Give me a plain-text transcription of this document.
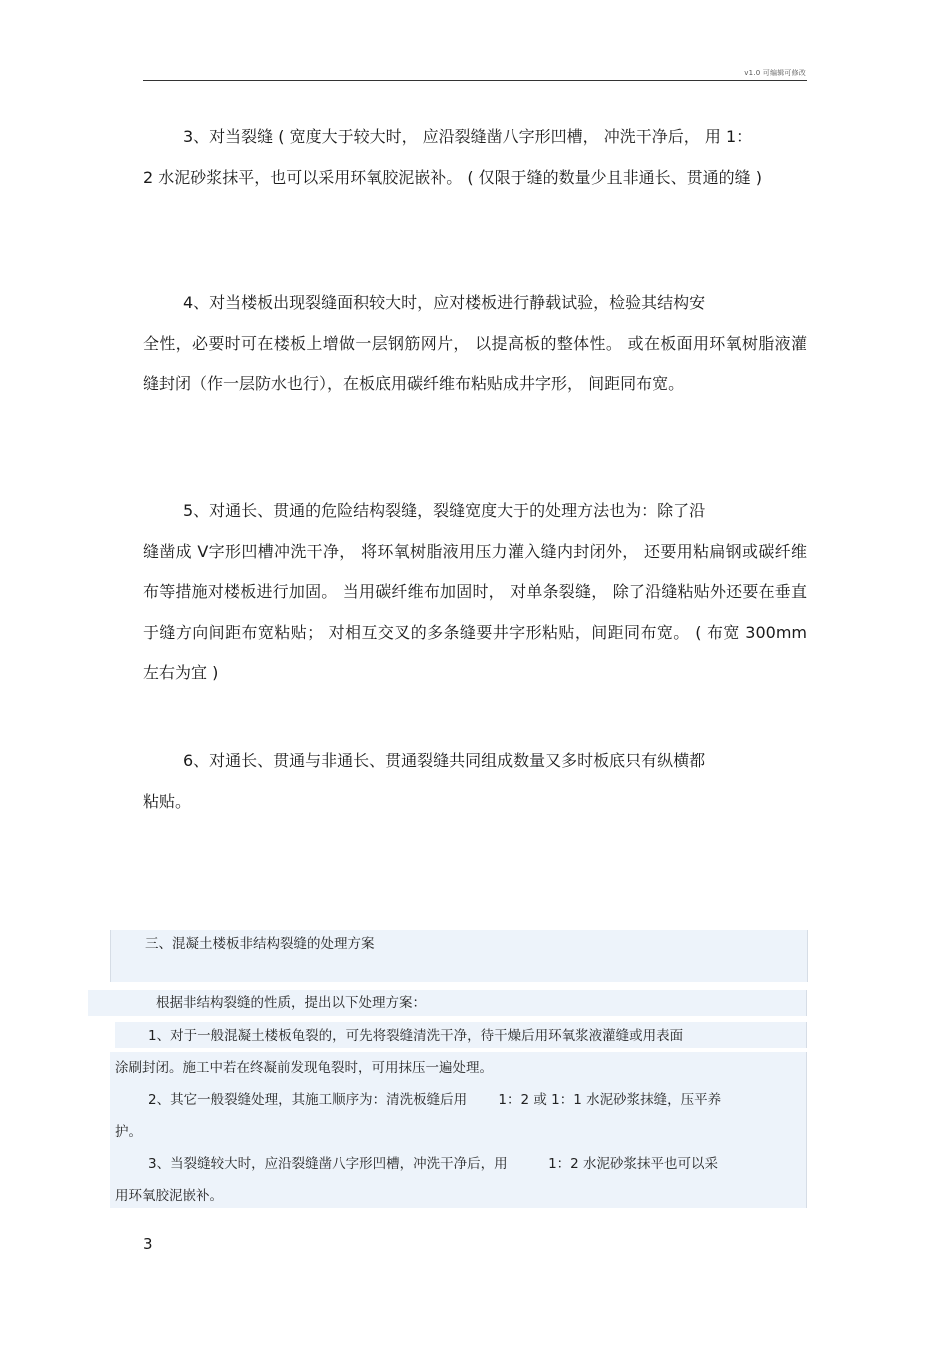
v1.0 可编辑可修改

3、对当裂缝 ( 宽度大于较大时， 应沿裂缝凿八字形凹槽， 冲洗干净后， 用 1：
2 水泥砂浆抹平，也可以采用环氧胶泥嵌补。 ( 仅限于缝的数量少且非通长、贯通的缝 )

4、对当楼板出现裂缝面积较大时，应对楼板进行静载试验，检验其结构安
全性，必要时可在楼板上增做一层钢筋网片， 以提高板的整体性。 或在板面用环氧树脂液灌缝封闭（作一层防水也行），在板底用碳纤维布粘贴成井字形， 间距同布宽。

5、对通长、贯通的危险结构裂缝，裂缝宽度大于的处理方法也为：除了沿
缝凿成 V字形凹槽冲洗干净， 将环氧树脂液用压力灌入缝内封闭外， 还要用粘扁钢或碳纤维布等措施对楼板进行加固。 当用碳纤维布加固时， 对单条裂缝， 除了沿缝粘贴外还要在垂直于缝方向间距布宽粘贴； 对相互交叉的多条缝要井字形粘贴，间距同布宽。 ( 布宽 300mm左右为宜 )

6、对通长、贯通与非通长、贯通裂缝共同组成数量又多时板底只有纵横都
粘贴。

三、混凝土楼板非结构裂缝的处理方案

根据非结构裂缝的性质，提出以下处理方案：

1、对于一般混凝土楼板龟裂的，可先将裂缝清洗干净，待干燥后用环氧浆液灌缝或用表面

涂刷封闭。施工中若在终凝前发现龟裂时，可用抹压一遍处理。

2、其它一般裂缝处理，其施工顺序为：清洗板缝后用　　 1：2 或 1：1 水泥砂浆抹缝，压平养

护。

3、当裂缝较大时，应沿裂缝凿八字形凹槽，冲洗干净后，用　　　1：2 水泥砂浆抹平也可以采

用环氧胶泥嵌补。

3
